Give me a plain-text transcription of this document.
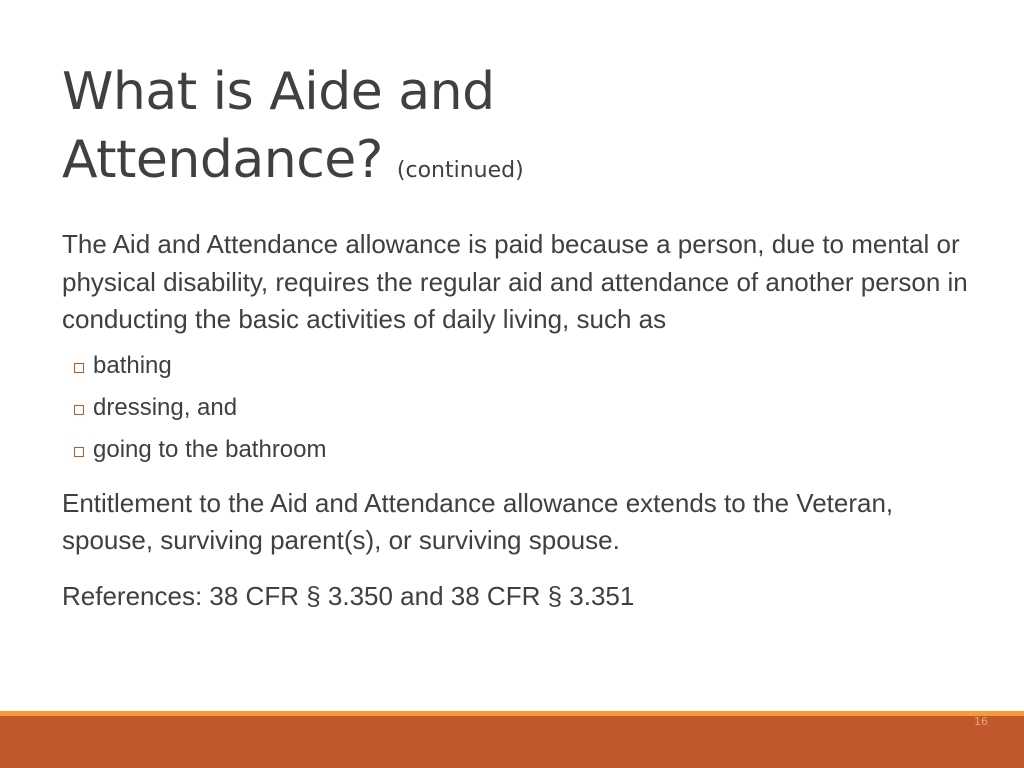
What is Aide and
Attendance? (continued)

The Aid and Attendance allowance is paid because a person, due to mental or physical disability, requires the regular aid and attendance of another person in conducting the basic activities of daily living, such as

bathing
dressing, and
going to the bathroom

Entitlement to the Aid and Attendance allowance extends to the Veteran, spouse, surviving parent(s), or surviving spouse.

References: 38 CFR § 3.350 and 38 CFR § 3.351

16
